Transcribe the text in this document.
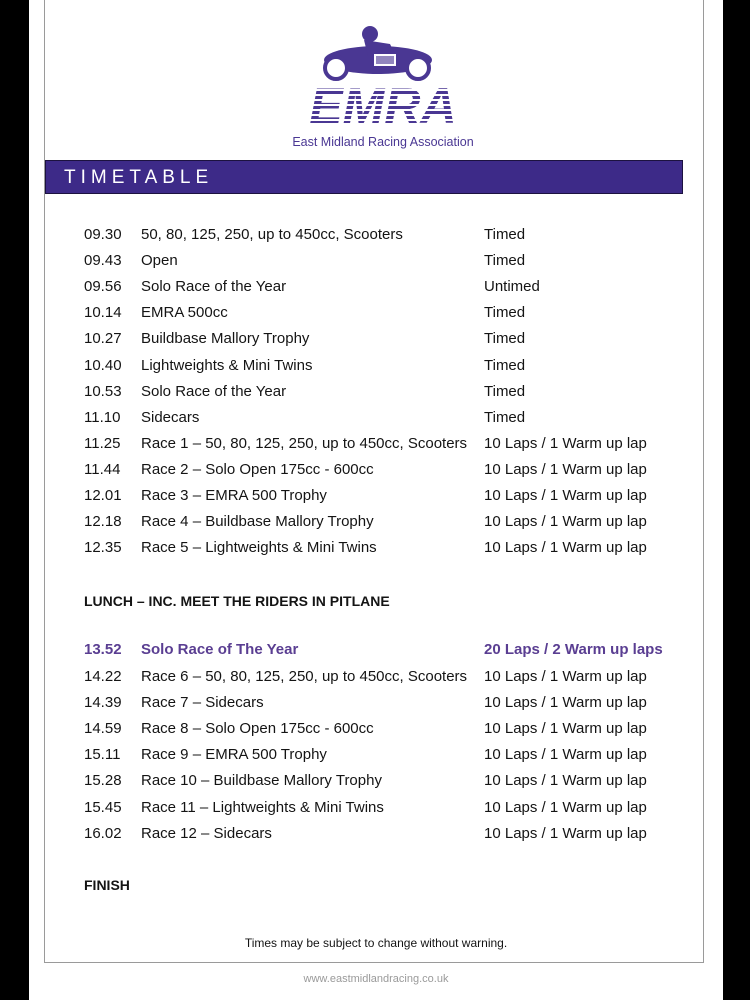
EMRA
East Midland Racing Association
TIMETABLE
09.30 50, 80, 125, 250, up to 450cc, Scooters	Timed
09.43 Open	Timed
09.56 Solo Race of the Year	Untimed
10.14 EMRA 500cc	Timed
10.27 Buildbase Mallory Trophy	Timed
10.40 Lightweights & Mini Twins	Timed
10.53 Solo Race of the Year	Timed
11.10 Sidecars	Timed
11.25 Race 1 – 50, 80, 125, 250, up to 450cc, Scooters 10 Laps / 1 Warm up lap
11.44 Race 2 – Solo Open 175cc - 600cc	10 Laps / 1 Warm up lap
12.01 Race 3 – EMRA 500 Trophy	10 Laps / 1 Warm up lap
12.18 Race 4 – Buildbase Mallory Trophy	10 Laps / 1 Warm up lap
12.35 Race 5 – Lightweights & Mini Twins	10 Laps / 1 Warm up lap
LUNCH – INC. MEET THE RIDERS IN PITLANE
13.52 Solo Race of The Year	20 Laps / 2 Warm up laps
14.22 Race 6 – 50, 80, 125, 250, up to 450cc, Scooters 10 Laps / 1 Warm up lap
14.39 Race 7 – Sidecars	10 Laps / 1 Warm up lap
14.59 Race 8 – Solo Open 175cc - 600cc	10 Laps / 1 Warm up lap
15.11 Race 9 – EMRA 500 Trophy	10 Laps / 1 Warm up lap
15.28 Race 10 – Buildbase Mallory Trophy	10 Laps / 1 Warm up lap
15.45 Race 11 – Lightweights & Mini Twins	10 Laps / 1 Warm up lap
16.02 Race 12 – Sidecars	10 Laps / 1 Warm up lap
FINISH
Times may be subject to change without warning.
www.eastmidlandracing.co.uk
